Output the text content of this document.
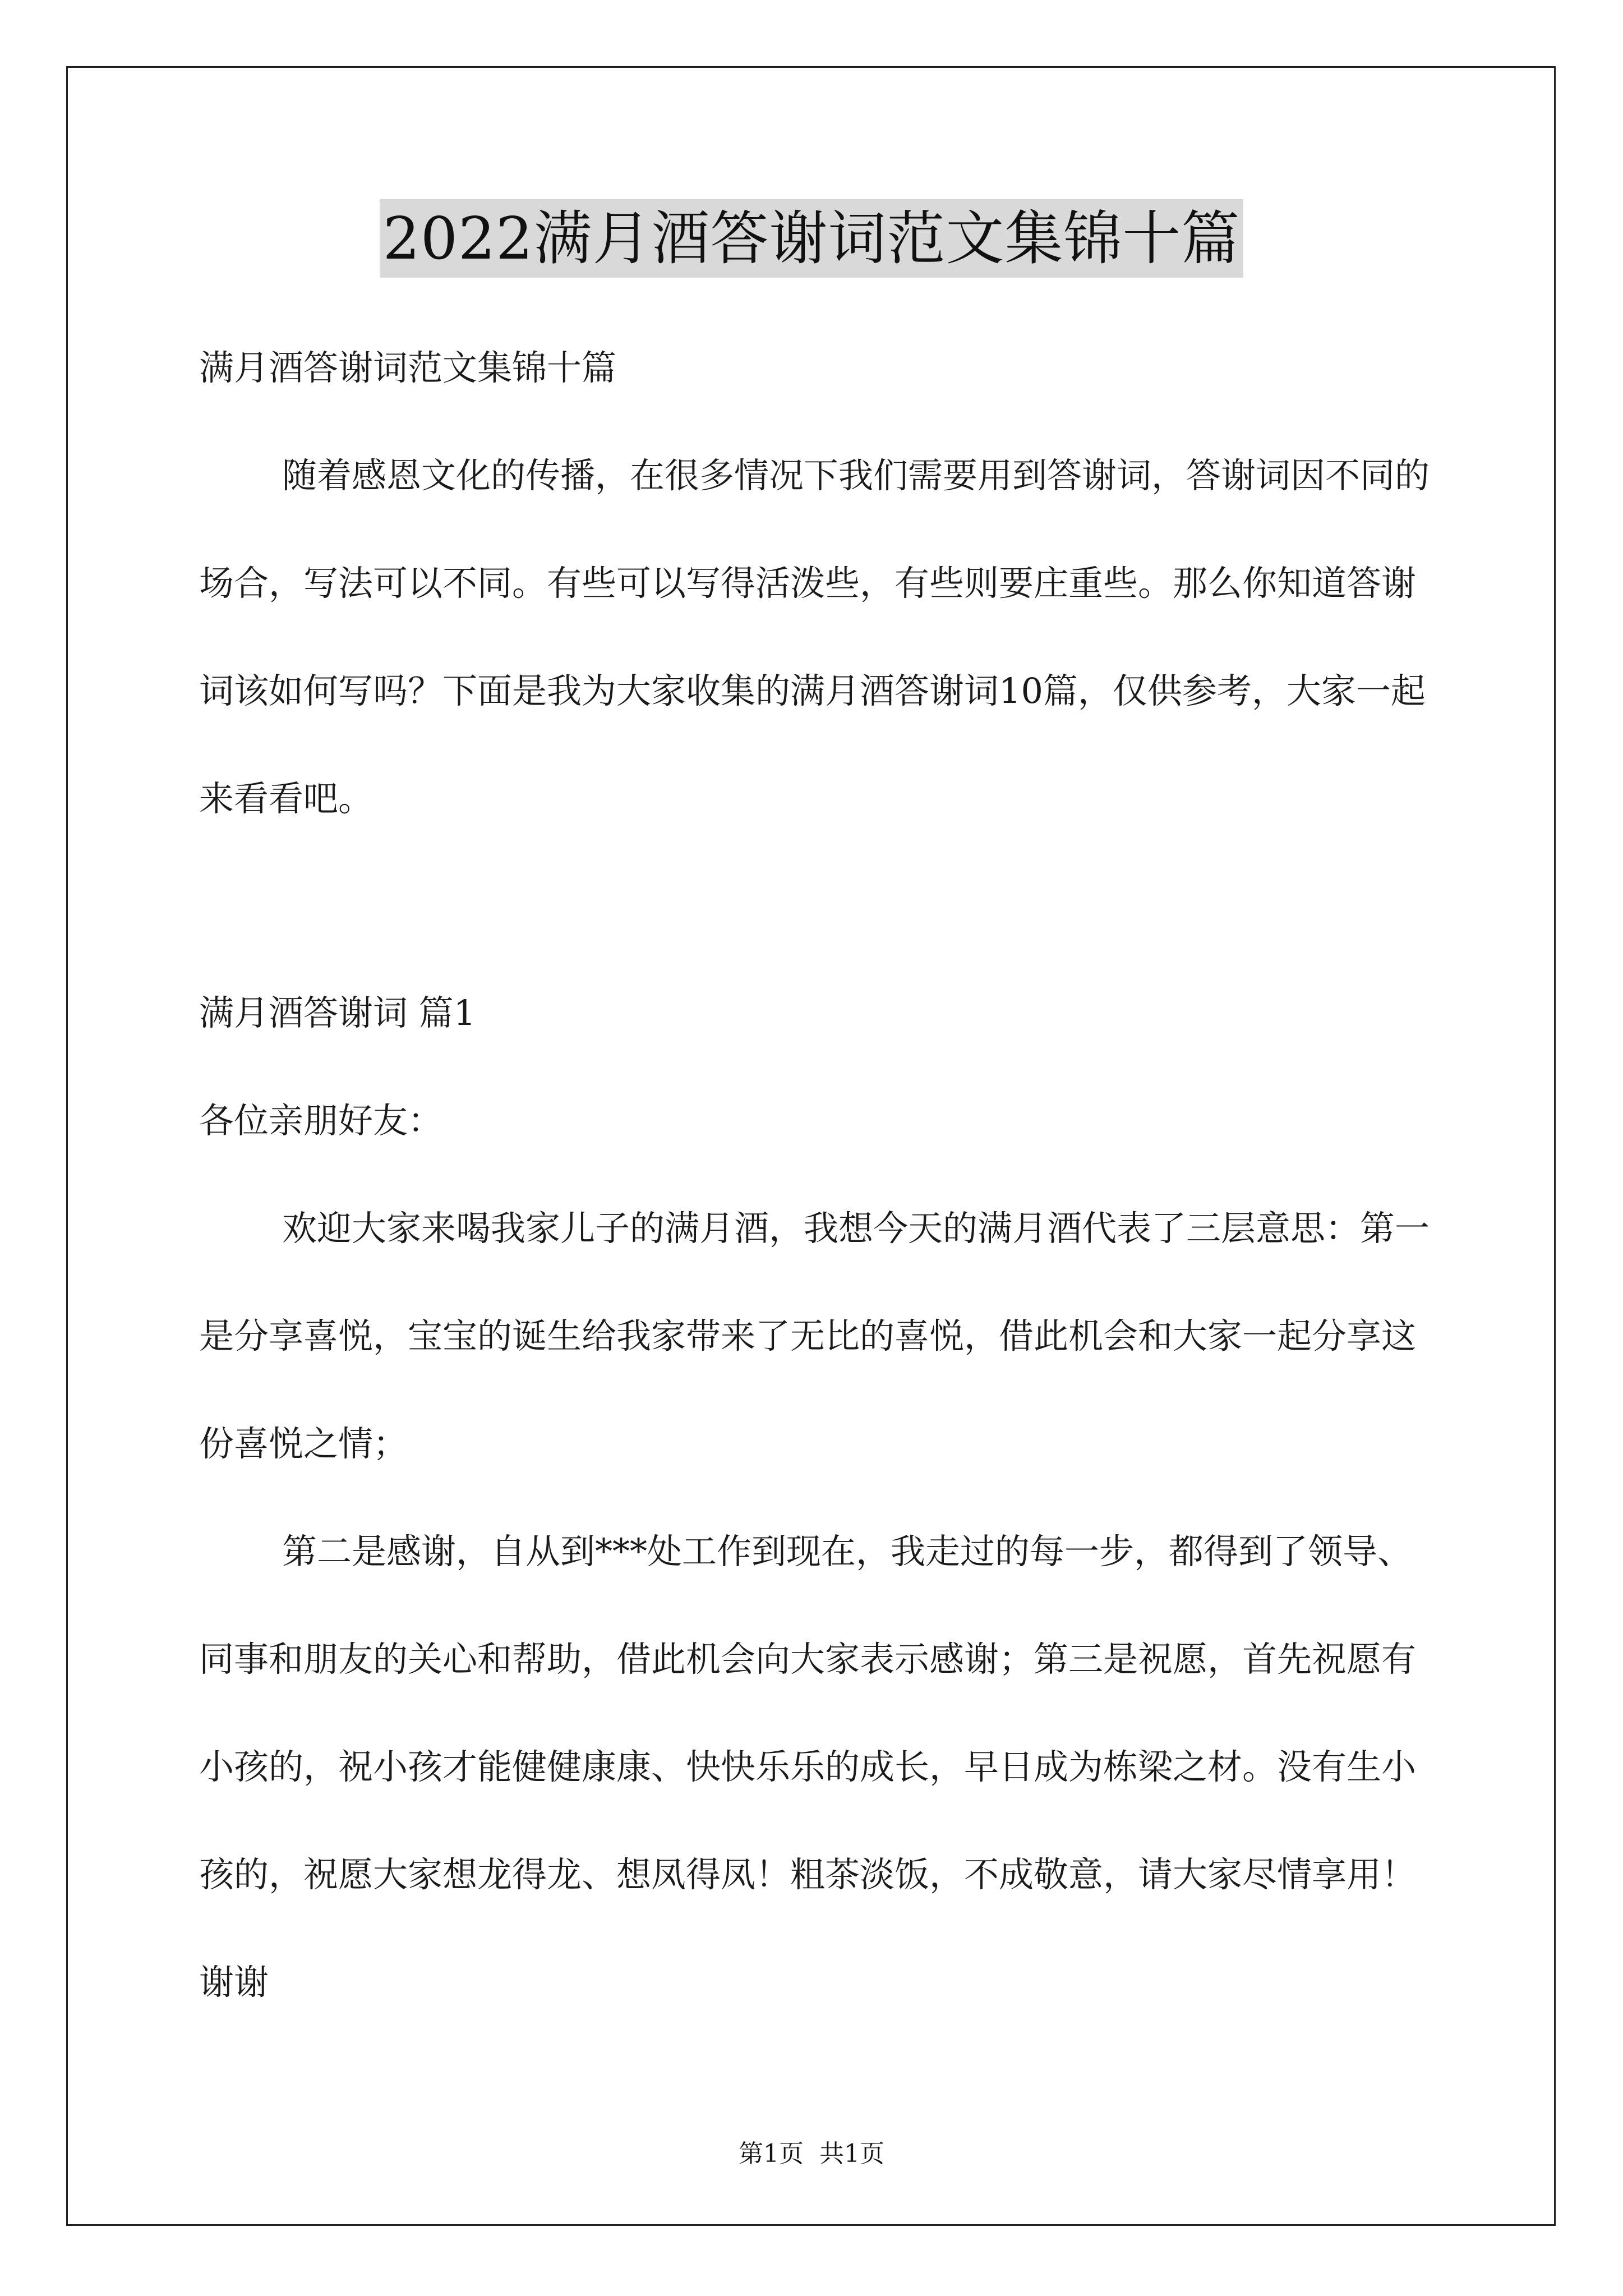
2022满月酒答谢词范文集锦十篇

满月酒答谢词范文集锦十篇

随着感恩文化的传播，在很多情况下我们需要用到答谢词，答谢词因不同的场合，写法可以不同。有些可以写得活泼些，有些则要庄重些。那么你知道答谢词该如何写吗？下面是我为大家收集的满月酒答谢词10篇，仅供参考，大家一起来看看吧。

满月酒答谢词 篇1

各位亲朋好友：

欢迎大家来喝我家儿子的满月酒，我想今天的满月酒代表了三层意思：第一是分享喜悦，宝宝的诞生给我家带来了无比的喜悦，借此机会和大家一起分享这份喜悦之情；

第二是感谢，自从到***处工作到现在，我走过的每一步，都得到了领导、同事和朋友的关心和帮助，借此机会向大家表示感谢；第三是祝愿，首先祝愿有小孩的，祝小孩才能健健康康、快快乐乐的成长，早日成为栋梁之材。没有生小孩的，祝愿大家想龙得龙、想凤得凤！粗茶淡饭，不成敬意，请大家尽情享用！谢谢

第1页 共1页
